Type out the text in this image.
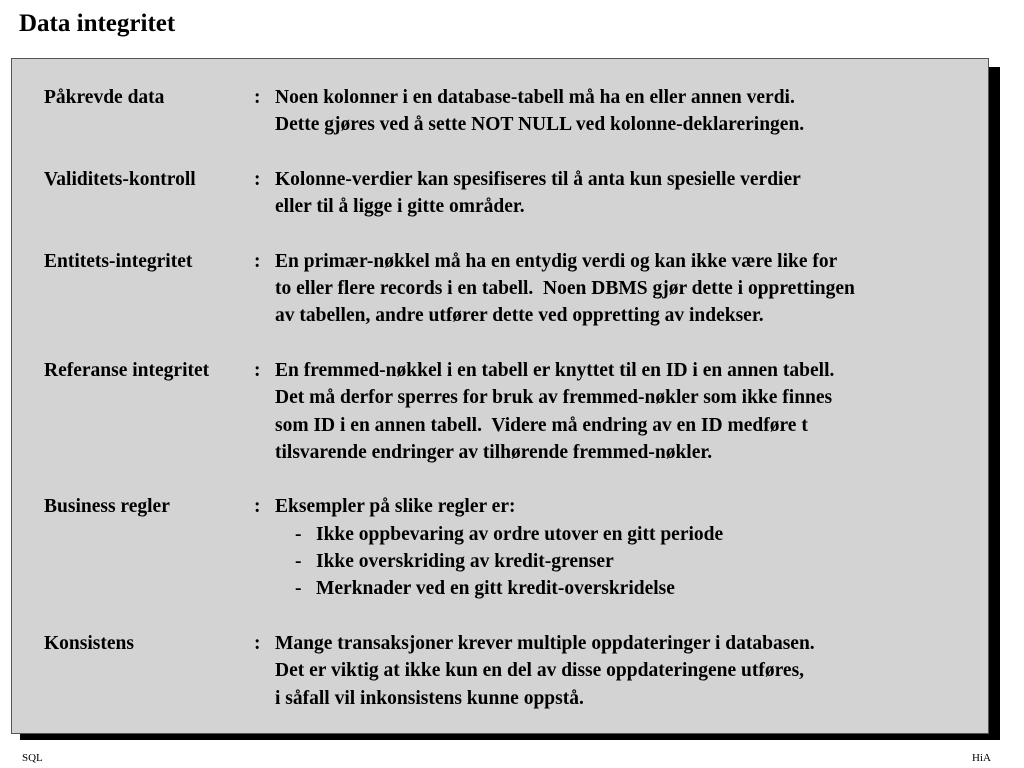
Data integritet
Påkrevde data	: Noen kolonner i en database-tabell må ha en eller annen verdi.
Dette gjøres ved å sette NOT NULL ved kolonne-deklareringen.
Validitets-kontroll	: Kolonne-verdier kan spesifiseres til å anta kun spesielle verdier
eller til å ligge i gitte områder.
Entitets-integritet	: En primær-nøkkel må ha en entydig verdi og kan ikke være like for
to eller flere records i en tabell.  Noen DBMS gjør dette i opprettingen
av tabellen, andre utfører dette ved oppretting av indekser.
Referanse integritet	: En fremmed-nøkkel i en tabell er knyttet til en ID i en annen tabell.
Det må derfor sperres for bruk av fremmed-nøkler som ikke finnes
som ID i en annen tabell.  Videre må endring av en ID medføre t
tilsvarende endringer av tilhørende fremmed-nøkler.
Business regler	: Eksempler på slike regler er:
- Ikke oppbevaring av ordre utover en gitt periode
- Ikke overskriding av kredit-grenser
- Merknader ved en gitt kredit-overskridelse
Konsistens	: Mange transaksjoner krever multiple oppdateringer i databasen.
Det er viktig at ikke kun en del av disse oppdateringene utføres,
i såfall vil inkonsistens kunne oppstå.
SQL	HiA
